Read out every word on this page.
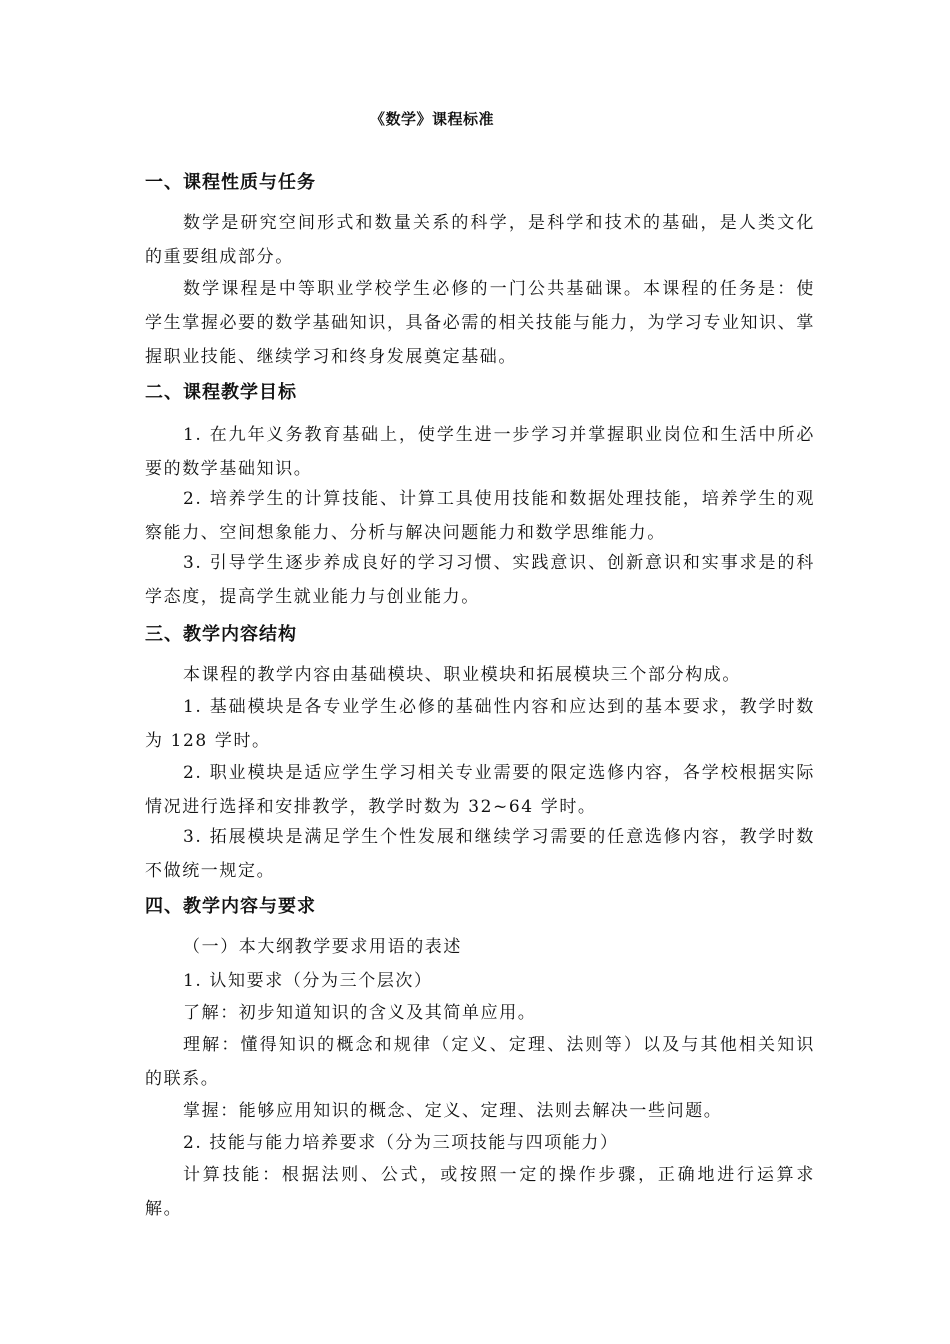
《数学》课程标准
一、课程性质与任务
数学是研究空间形式和数量关系的科学，是科学和技术的基础，是人类文化的重要组成部分。
数学课程是中等职业学校学生必修的一门公共基础课。本课程的任务是：使学生掌握必要的数学基础知识，具备必需的相关技能与能力，为学习专业知识、掌握职业技能、继续学习和终身发展奠定基础。
二、课程教学目标
1. 在九年义务教育基础上，使学生进一步学习并掌握职业岗位和生活中所必要的数学基础知识。
2. 培养学生的计算技能、计算工具使用技能和数据处理技能，培养学生的观察能力、空间想象能力、分析与解决问题能力和数学思维能力。
3. 引导学生逐步养成良好的学习习惯、实践意识、创新意识和实事求是的科学态度，提高学生就业能力与创业能力。
三、教学内容结构
本课程的教学内容由基础模块、职业模块和拓展模块三个部分构成。
1. 基础模块是各专业学生必修的基础性内容和应达到的基本要求，教学时数为 128 学时。
2. 职业模块是适应学生学习相关专业需要的限定选修内容，各学校根据实际情况进行选择和安排教学，教学时数为 32~64 学时。
3. 拓展模块是满足学生个性发展和继续学习需要的任意选修内容，教学时数不做统一规定。
四、教学内容与要求
（一）本大纲教学要求用语的表述
1. 认知要求（分为三个层次）
了解：初步知道知识的含义及其简单应用。
理解：懂得知识的概念和规律（定义、定理、法则等）以及与其他相关知识的联系。
掌握：能够应用知识的概念、定义、定理、法则去解决一些问题。
2. 技能与能力培养要求（分为三项技能与四项能力）
计算技能：根据法则、公式，或按照一定的操作步骤，正确地进行运算求解。
